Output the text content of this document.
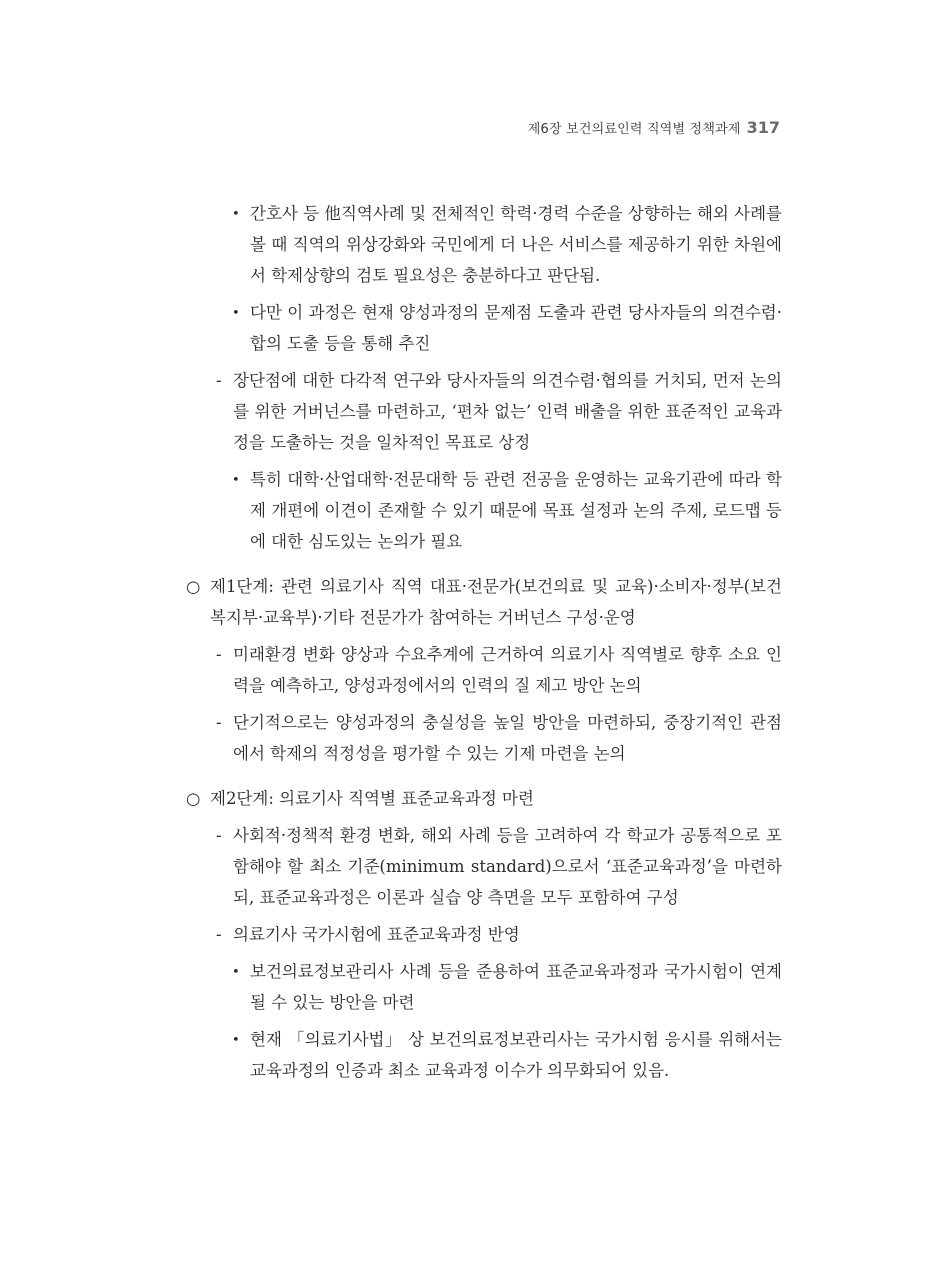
제6장 보건의료인력 직역별 정책과제 317
• 간호사 등 他직역사례 및 전체적인 학력·경력 수준을 상향하는 해외 사례를 볼 때 직역의 위상강화와 국민에게 더 나은 서비스를 제공하기 위한 차원에서 학제상향의 검토 필요성은 충분하다고 판단됨.
• 다만 이 과정은 현재 양성과정의 문제점 도출과 관련 당사자들의 의견수렴·합의 도출 등을 통해 추진
- 장단점에 대한 다각적 연구와 당사자들의 의견수렴·협의를 거치되, 먼저 논의를 위한 거버넌스를 마련하고, ‘편차 없는’ 인력 배출을 위한 표준적인 교육과정을 도출하는 것을 일차적인 목표로 상정
• 특히 대학·산업대학·전문대학 등 관련 전공을 운영하는 교육기관에 따라 학제 개편에 이견이 존재할 수 있기 때문에 목표 설정과 논의 주제, 로드맵 등에 대한 심도있는 논의가 필요
○ 제1단계: 관련 의료기사 직역 대표·전문가(보건의료 및 교육)·소비자·정부(보건복지부·교육부)·기타 전문가가 참여하는 거버넌스 구성·운영
- 미래환경 변화 양상과 수요추계에 근거하여 의료기사 직역별로 향후 소요 인력을 예측하고, 양성과정에서의 인력의 질 제고 방안 논의
- 단기적으로는 양성과정의 충실성을 높일 방안을 마련하되, 중장기적인 관점에서 학제의 적정성을 평가할 수 있는 기제 마련을 논의
○ 제2단계: 의료기사 직역별 표준교육과정 마련
- 사회적·정책적 환경 변화, 해외 사례 등을 고려하여 각 학교가 공통적으로 포함해야 할 최소 기준(minimum standard)으로서 ‘표준교육과정’을 마련하되, 표준교육과정은 이론과 실습 양 측면을 모두 포함하여 구성
- 의료기사 국가시험에 표준교육과정 반영
• 보건의료정보관리사 사례 등을 준용하여 표준교육과정과 국가시험이 연계될 수 있는 방안을 마련
• 현재 「의료기사법」 상 보건의료정보관리사는 국가시험 응시를 위해서는 교육과정의 인증과 최소 교육과정 이수가 의무화되어 있음.
